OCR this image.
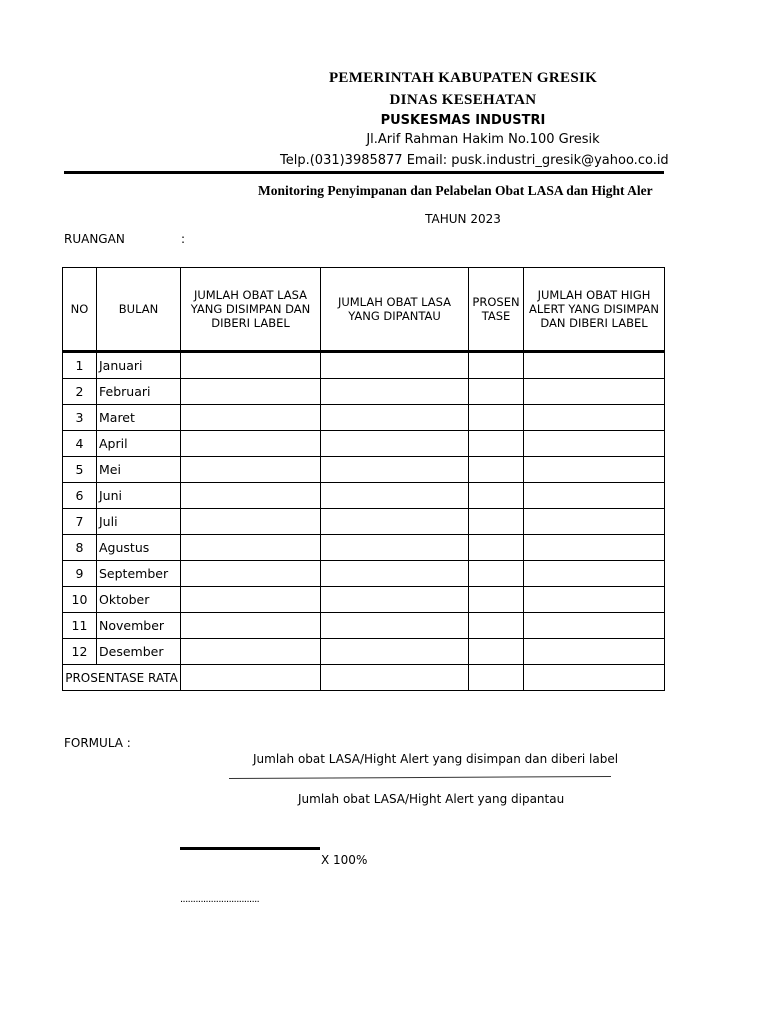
PEMERINTAH KABUPATEN GRESIK
DINAS KESEHATAN
PUSKESMAS INDUSTRI
Jl.Arif Rahman Hakim No.100 Gresik
Telp.(031)3985877 Email: pusk.industri_gresik@yahoo.co.id
Monitoring Penyimpanan dan Pelabelan Obat LASA dan Hight Aler
TAHUN 2023
RUANGAN	:
NO	BULAN	JUMLAH OBAT LASA YANG DISIMPAN DAN DIBERI LABEL	JUMLAH OBAT LASA YANG DIPANTAU	PROSEN TASE	JUMLAH OBAT HIGH ALERT YANG DISIMPAN DAN DIBERI LABEL
1	Januari				
2	Februari				
3	Maret				
4	April				
5	Mei				
6	Juni				
7	Juli				
8	Agustus				
9	September				
10	Oktober				
11	November				
12	Desember				
PROSENTASE RATA					
FORMULA :
Jumlah obat LASA/Hight Alert yang disimpan dan diberi label
Jumlah obat LASA/Hight Alert yang dipantau
X 100%
...............................
